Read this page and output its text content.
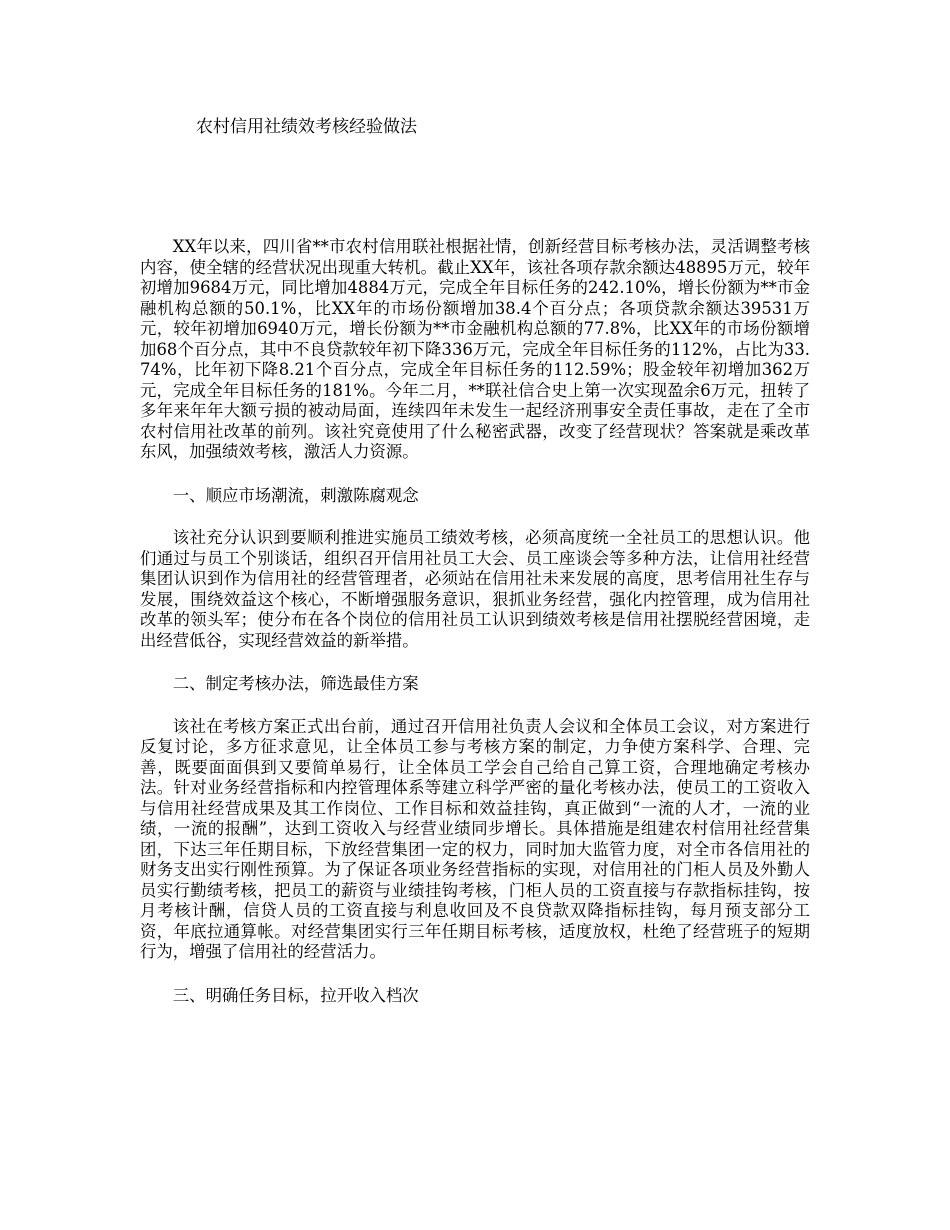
农村信用社绩效考核经验做法

XX年以来，四川省**市农村信用联社根据社情，创新经营目标考核办法，灵活调整考核内容，使全辖的经营状况出现重大转机。截止XX年，该社各项存款余额达48895万元，较年初增加9684万元，同比增加4884万元，完成全年目标任务的242.10%，增长份额为**市金融机构总额的50.1%，比XX年的市场份额增加38.4个百分点；各项贷款余额达39531万元，较年初增加6940万元，增长份额为**市金融机构总额的77.8%，比XX年的市场份额增加68个百分点，其中不良贷款较年初下降336万元，完成全年目标任务的112%，占比为33.74%，比年初下降8.21个百分点，完成全年目标任务的112.59%；股金较年初增加362万元，完成全年目标任务的181%。今年二月，**联社信合史上第一次实现盈余6万元，扭转了多年来年年大额亏损的被动局面，连续四年未发生一起经济刑事安全责任事故，走在了全市农村信用社改革的前列。该社究竟使用了什么秘密武器，改变了经营现状？答案就是乘改革东风，加强绩效考核，激活人力资源。

一、顺应市场潮流，刺激陈腐观念

该社充分认识到要顺利推进实施员工绩效考核，必须高度统一全社员工的思想认识。他们通过与员工个别谈话，组织召开信用社员工大会、员工座谈会等多种方法，让信用社经营集团认识到作为信用社的经营管理者，必须站在信用社未来发展的高度，思考信用社生存与发展，围绕效益这个核心，不断增强服务意识，狠抓业务经营，强化内控管理，成为信用社改革的领头军；使分布在各个岗位的信用社员工认识到绩效考核是信用社摆脱经营困境，走出经营低谷，实现经营效益的新举措。

二、制定考核办法，筛选最佳方案

该社在考核方案正式出台前，通过召开信用社负责人会议和全体员工会议，对方案进行反复讨论，多方征求意见，让全体员工参与考核方案的制定，力争使方案科学、合理、完善，既要面面俱到又要简单易行，让全体员工学会自己给自己算工资，合理地确定考核办法。针对业务经营指标和内控管理体系等建立科学严密的量化考核办法，使员工的工资收入与信用社经营成果及其工作岗位、工作目标和效益挂钩，真正做到“一流的人才，一流的业绩，一流的报酬”，达到工资收入与经营业绩同步增长。具体措施是组建农村信用社经营集团，下达三年任期目标，下放经营集团一定的权力，同时加大监管力度，对全市各信用社的财务支出实行刚性预算。为了保证各项业务经营指标的实现，对信用社的门柜人员及外勤人员实行勤绩考核，把员工的薪资与业绩挂钩考核，门柜人员的工资直接与存款指标挂钩，按月考核计酬，信贷人员的工资直接与利息收回及不良贷款双降指标挂钩，每月预支部分工资，年底拉通算帐。对经营集团实行三年任期目标考核，适度放权，杜绝了经营班子的短期行为，增强了信用社的经营活力。

三、明确任务目标，拉开收入档次
